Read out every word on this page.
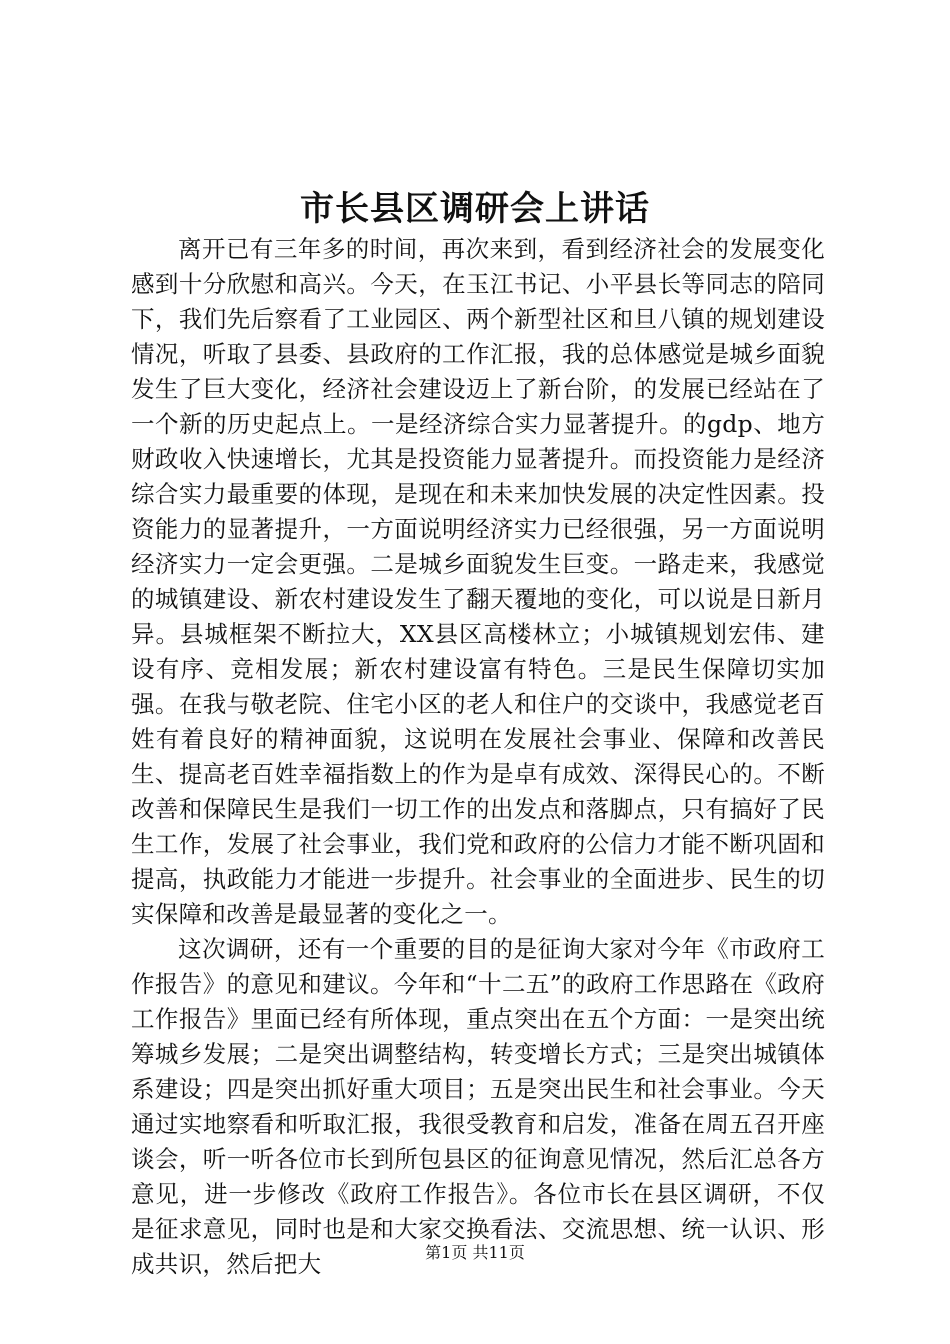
市长县区调研会上讲话

离开已有三年多的时间，再次来到，看到经济社会的发展变化感到十分欣慰和高兴。今天，在玉江书记、小平县长等同志的陪同下，我们先后察看了工业园区、两个新型社区和旦八镇的规划建设情况，听取了县委、县政府的工作汇报，我的总体感觉是城乡面貌发生了巨大变化，经济社会建设迈上了新台阶，的发展已经站在了一个新的历史起点上。一是经济综合实力显著提升。的gdp、地方财政收入快速增长，尤其是投资能力显著提升。而投资能力是经济综合实力最重要的体现，是现在和未来加快发展的决定性因素。投资能力的显著提升，一方面说明经济实力已经很强，另一方面说明经济实力一定会更强。二是城乡面貌发生巨变。一路走来，我感觉的城镇建设、新农村建设发生了翻天覆地的变化，可以说是日新月异。县城框架不断拉大，XX县区高楼林立；小城镇规划宏伟、建设有序、竞相发展；新农村建设富有特色。三是民生保障切实加强。在我与敬老院、住宅小区的老人和住户的交谈中，我感觉老百姓有着良好的精神面貌，这说明在发展社会事业、保障和改善民生、提高老百姓幸福指数上的作为是卓有成效、深得民心的。不断改善和保障民生是我们一切工作的出发点和落脚点，只有搞好了民生工作，发展了社会事业，我们党和政府的公信力才能不断巩固和提高，执政能力才能进一步提升。社会事业的全面进步、民生的切实保障和改善是最显著的变化之一。

这次调研，还有一个重要的目的是征询大家对今年《市政府工作报告》的意见和建议。今年和“十二五”的政府工作思路在《政府工作报告》里面已经有所体现，重点突出在五个方面：一是突出统筹城乡发展；二是突出调整结构，转变增长方式；三是突出城镇体系建设；四是突出抓好重大项目；五是突出民生和社会事业。今天通过实地察看和听取汇报，我很受教育和启发，准备在周五召开座谈会，听一听各位市长到所包县区的征询意见情况，然后汇总各方意见，进一步修改《政府工作报告》。各位市长在县区调研，不仅是征求意见，同时也是和大家交换看法、交流思想、统一认识、形成共识，然后把大	第1页 共11页
